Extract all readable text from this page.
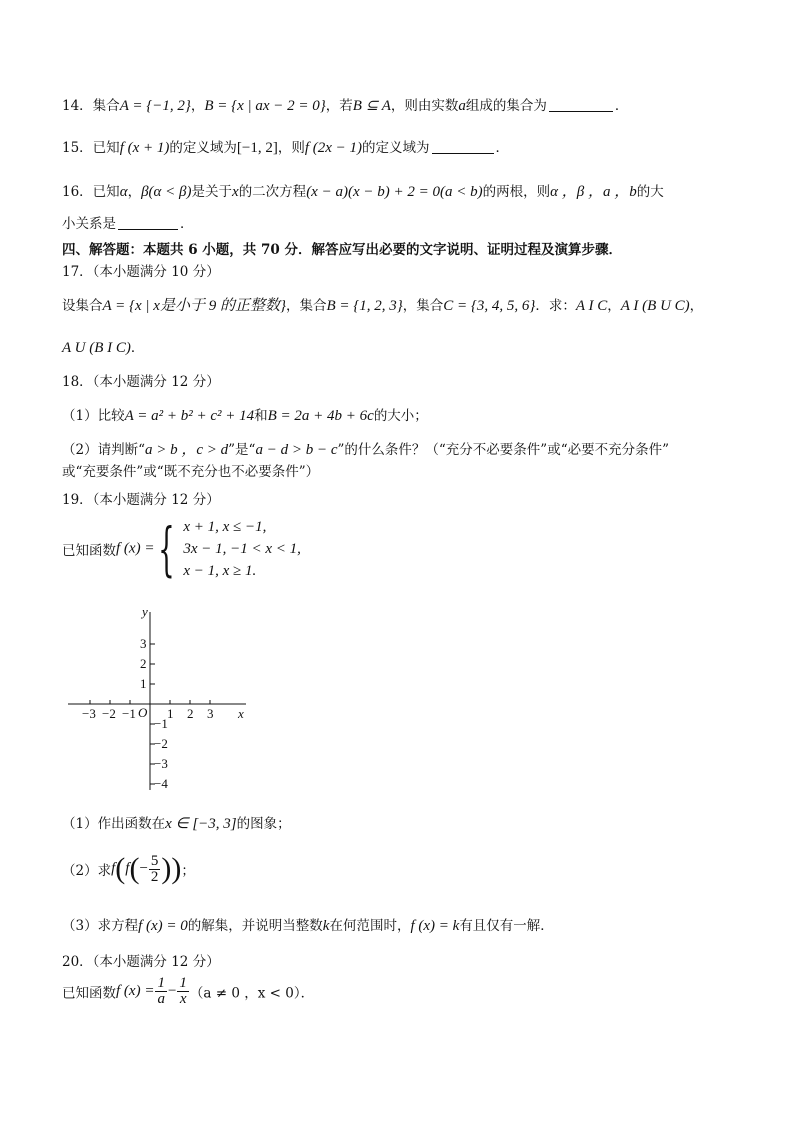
14．集合A = {−1, 2}，B = {x | ax − 2 = 0}，若B ⊆ A，则由实数a组成的集合为	．
15．已知f (x + 1)的定义域为[−1, 2]，则f (2x − 1)的定义域为	．
16．已知α，β(α < β)是关于x的二次方程(x − a)(x − b) + 2 = 0(a < b)的两根，则α ，β ，a ，b的大
小关系是	．
四、解答题：本题共 6 小题，共 70 分．解答应写出必要的文字说明、证明过程及演算步骤．
17．（本小题满分 10 分）
设集合A = {x | x是小于 9 的正整数}，集合B = {1, 2, 3}，集合C = {3, 4, 5, 6}．求：A I C，A I (B U C)，
A U (B I C)．
18．（本小题满分 12 分）
（1）比较A = a² + b² + c² + 14和B = 2a + 4b + 6c的大小；
（2）请判断“a > b ，c > d”是“a − d > b − c”的什么条件？（“充分不必要条件”或“必要不充分条件”
或“充要条件”或“既不充分也不必要条件”）
19．（本小题满分 12 分）
已知函数f (x) = { x + 1, x ≤ −1,
3x − 1, −1 < x < 1,
x − 1, x ≥ 1.
y
x
O
3
2
1
−1
−2
−3
−4
−3 −2 −1 1 2 3
（1）作出函数在x ∈ [−3, 3]的图象；
（2）求$f(f(- \frac{5}{2}$ ))；
（3）求方程f (x) = 0的解集，并说明当整数k在何范围时，f (x) = k有且仅有一解．
20．（本小题满分 12 分）
已知函数f $(x) = \frac{1}{a} - \frac{1}{x} (a \ne 0$ ，x < 0）．
